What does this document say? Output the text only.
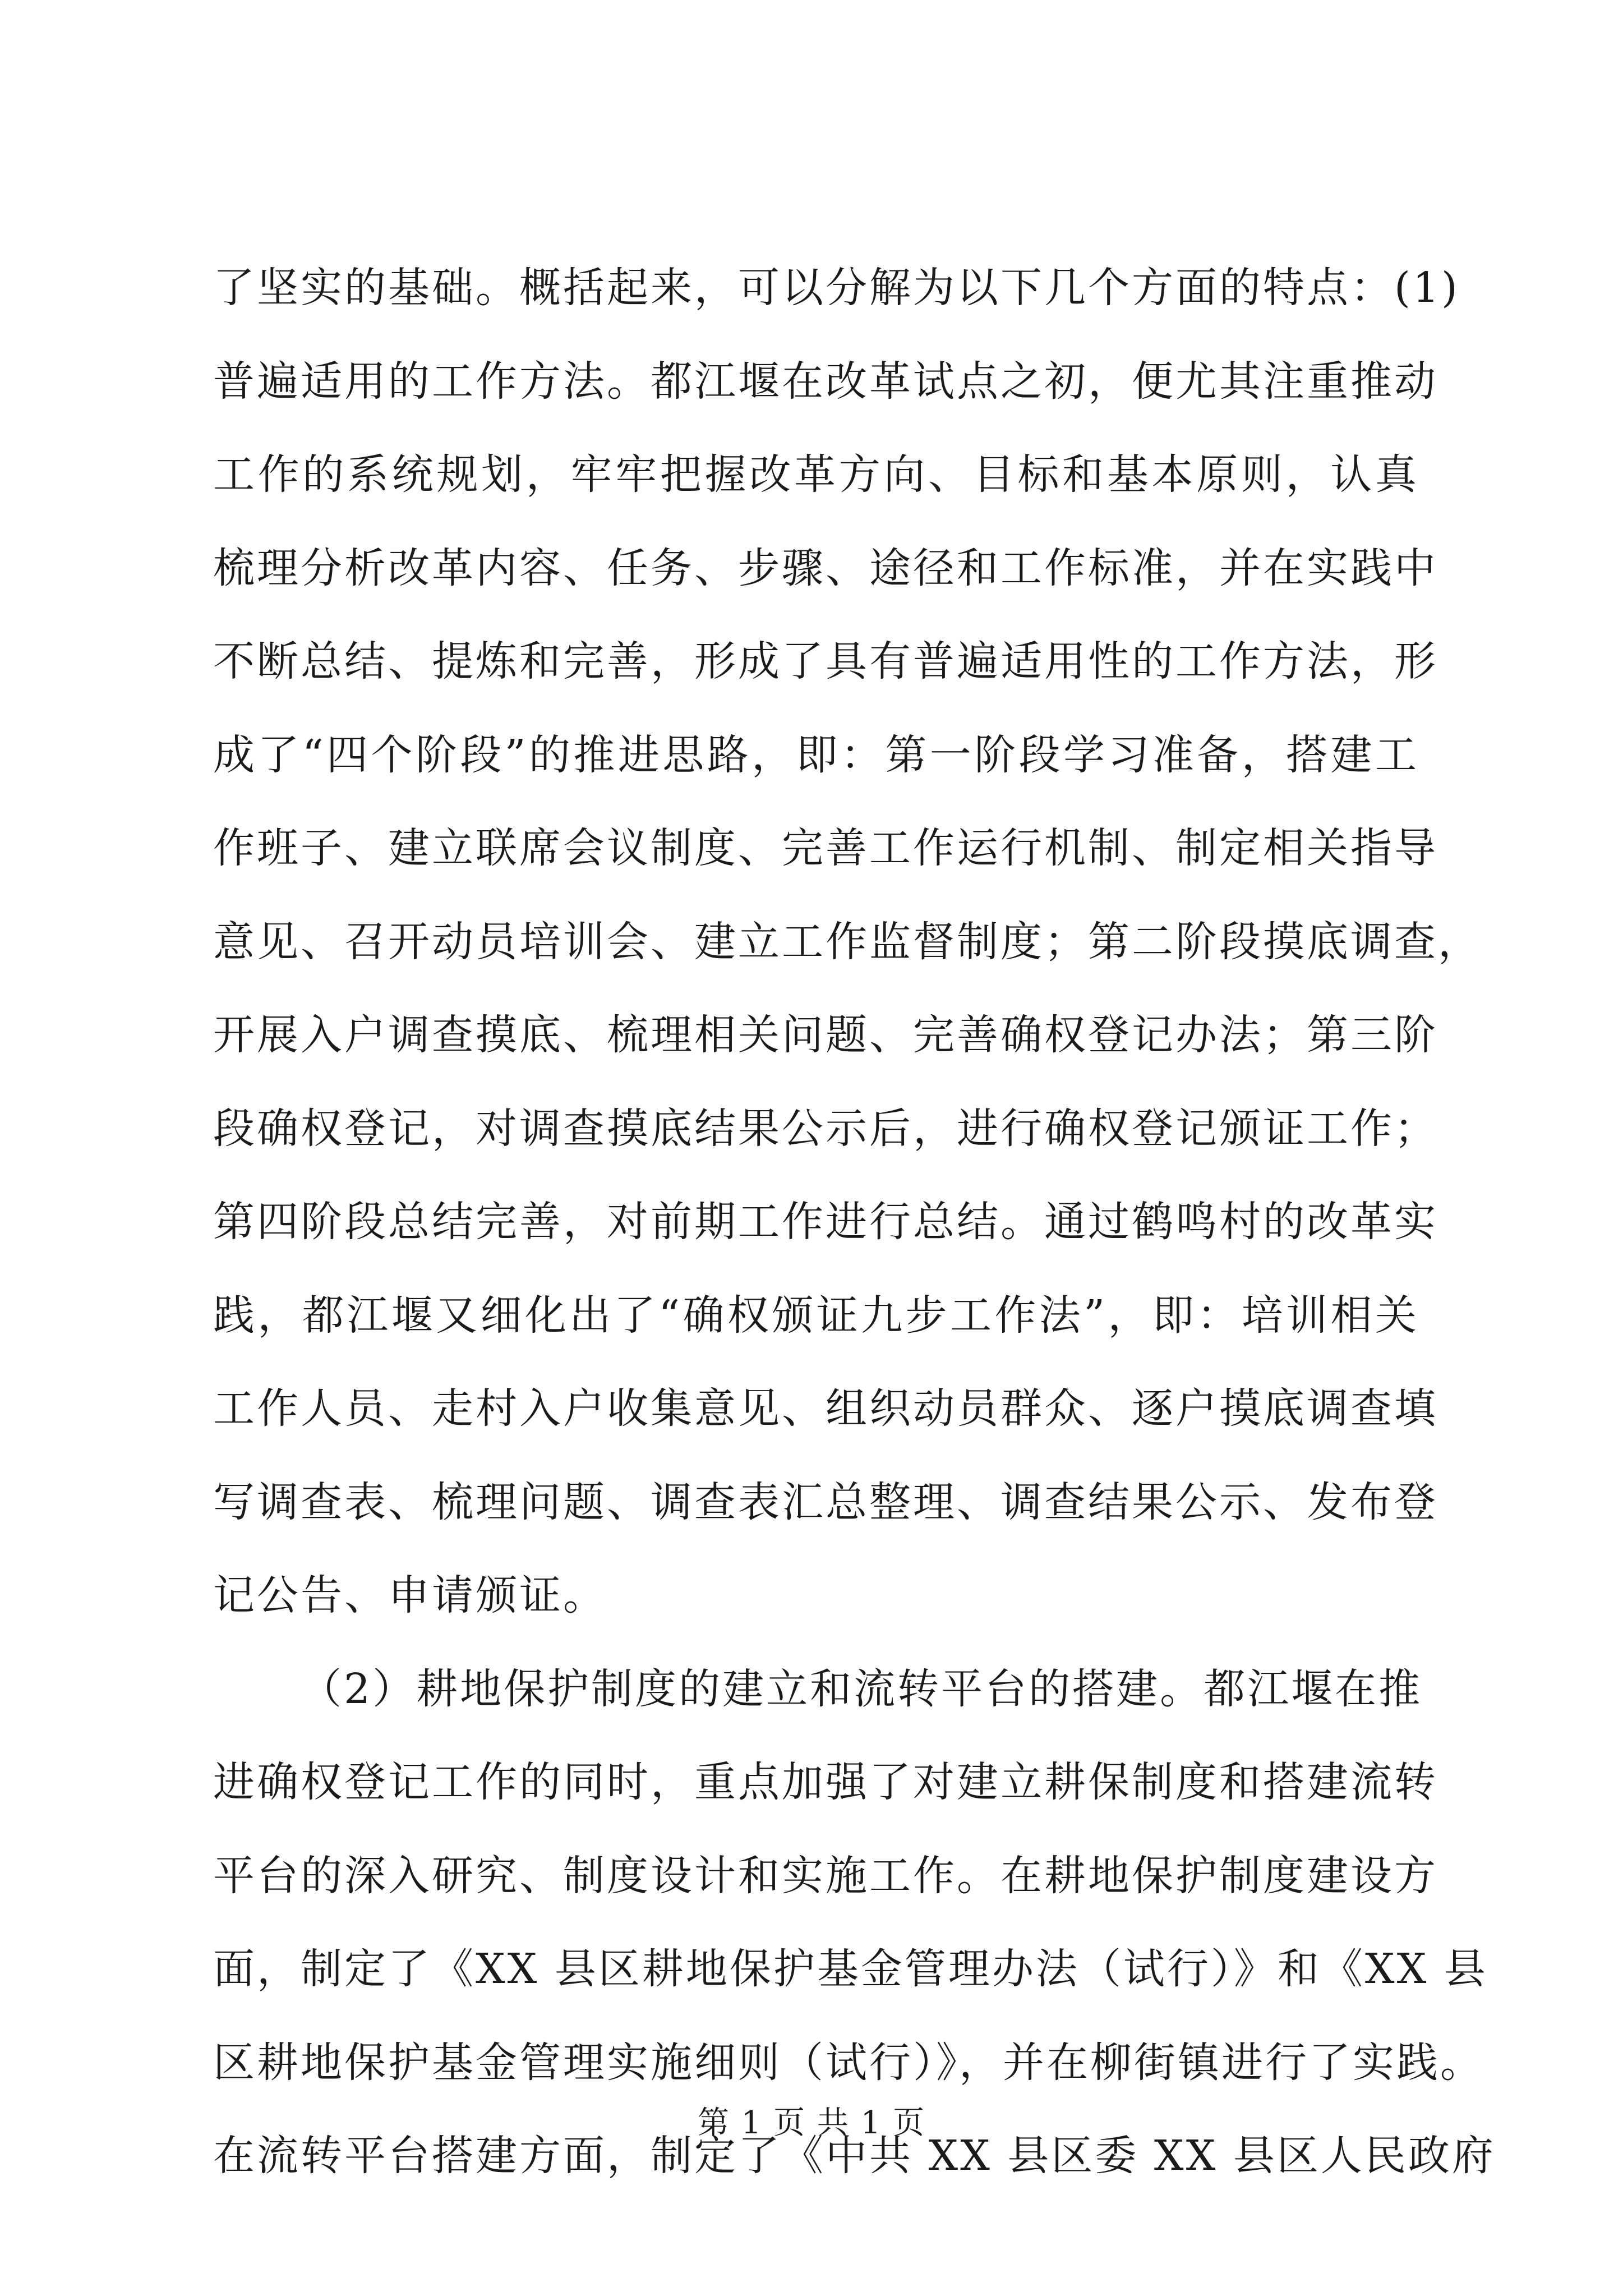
了坚实的基础。概括起来，可以分解为以下几个方面的特点：(1)
普遍适用的工作方法。都江堰在改革试点之初，便尤其注重推动
工作的系统规划，牢牢把握改革方向、目标和基本原则，认真
梳理分析改革内容、任务、步骤、途径和工作标准，并在实践中
不断总结、提炼和完善，形成了具有普遍适用性的工作方法，形
成了“四个阶段”的推进思路，即：第一阶段学习准备，搭建工
作班子、建立联席会议制度、完善工作运行机制、制定相关指导
意见、召开动员培训会、建立工作监督制度；第二阶段摸底调查，
开展入户调查摸底、梳理相关问题、完善确权登记办法；第三阶
段确权登记，对调查摸底结果公示后，进行确权登记颁证工作；
第四阶段总结完善，对前期工作进行总结。通过鹤鸣村的改革实
践，都江堰又细化出了“确权颁证九步工作法”，即：培训相关
工作人员、走村入户收集意见、组织动员群众、逐户摸底调查填
写调查表、梳理问题、调查表汇总整理、调查结果公示、发布登
记公告、申请颁证。
（2）耕地保护制度的建立和流转平台的搭建。都江堰在推
进确权登记工作的同时，重点加强了对建立耕保制度和搭建流转
平台的深入研究、制度设计和实施工作。在耕地保护制度建设方
面，制定了《XX 县区耕地保护基金管理办法（试行）》和《XX 县
区耕地保护基金管理实施细则（试行）》，并在柳街镇进行了实践。
在流转平台搭建方面，制定了《中共 XX 县区委 XX 县区人民政府
第 1 页 共 1 页
